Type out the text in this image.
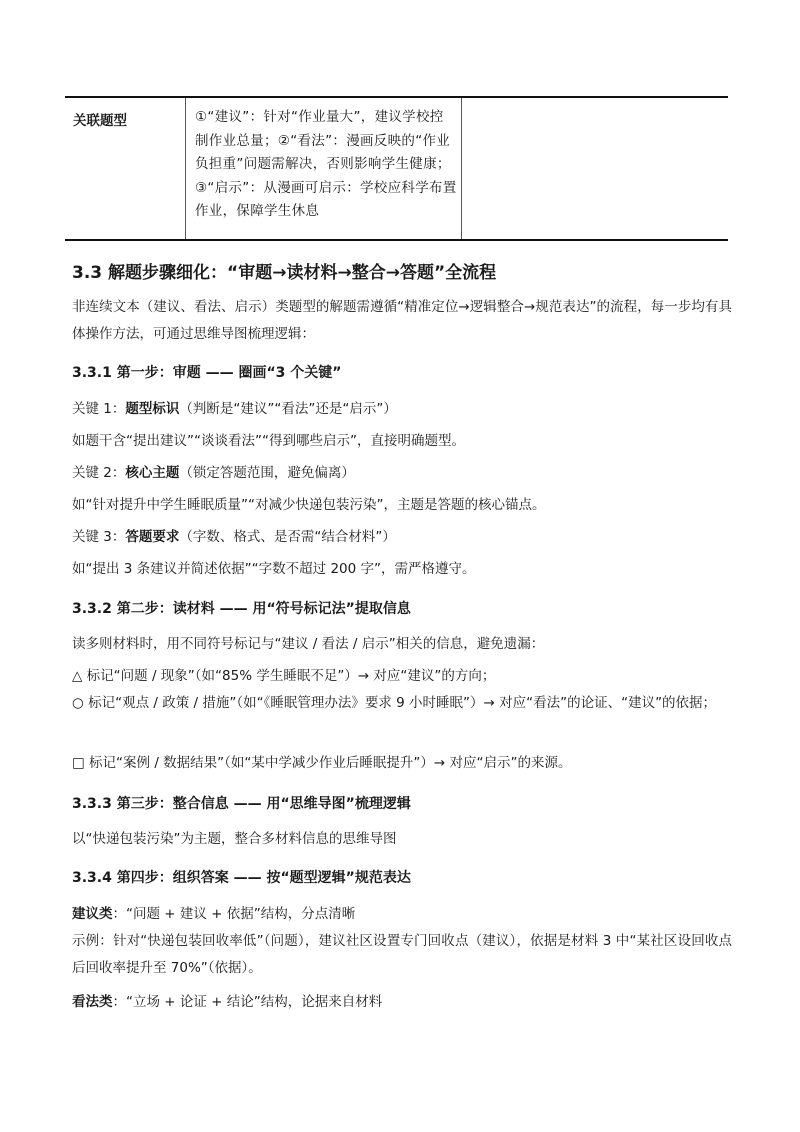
关联题型	①“建议”：针对“作业量大”，建议学校控制作业总量；②“看法”：漫画反映的“作业负担重”问题需解决，否则影响学生健康；③“启示”：从漫画可启示：学校应科学布置作业，保障学生休息
3.3 解题步骤细化：“审题→读材料→整合→答题”全流程
非连续文本（建议、看法、启示）类题型的解题需遵循“精准定位→逻辑整合→规范表达”的流程，每一步均有具体操作方法，可通过思维导图梳理逻辑：
3.3.1 第一步：审题 —— 圈画“3 个关键”
关键 1：题型标识（判断是“建议”“看法”还是“启示”）
如题干含“提出建议”“谈谈看法”“得到哪些启示”，直接明确题型。
关键 2：核心主题（锁定答题范围，避免偏离）
如“针对提升中学生睡眠质量”“对减少快递包装污染”，主题是答题的核心锚点。
关键 3：答题要求（字数、格式、是否需“结合材料”）
如“提出 3 条建议并简述依据”“字数不超过 200 字”，需严格遵守。
3.3.2 第二步：读材料 —— 用“符号标记法”提取信息
读多则材料时，用不同符号标记与“建议 / 看法 / 启示”相关的信息，避免遗漏：
△ 标记“问题 / 现象”（如“85% 学生睡眠不足”）→ 对应“建议”的方向；
○ 标记“观点 / 政策 / 措施”（如“《睡眠管理办法》要求 9 小时睡眠”）→ 对应“看法”的论证、“建议”的依据；
□ 标记“案例 / 数据结果”（如“某中学减少作业后睡眠提升”）→ 对应“启示”的来源。
3.3.3 第三步：整合信息 —— 用“思维导图”梳理逻辑
以“快递包装污染”为主题，整合多材料信息的思维导图
3.3.4 第四步：组织答案 —— 按“题型逻辑”规范表达
建议类：“问题 + 建议 + 依据”结构，分点清晰
示例：针对“快递包装回收率低”（问题），建议社区设置专门回收点（建议），依据是材料 3 中“某社区设回收点后回收率提升至 70%”（依据）。
看法类：“立场 + 论证 + 结论”结构，论据来自材料
